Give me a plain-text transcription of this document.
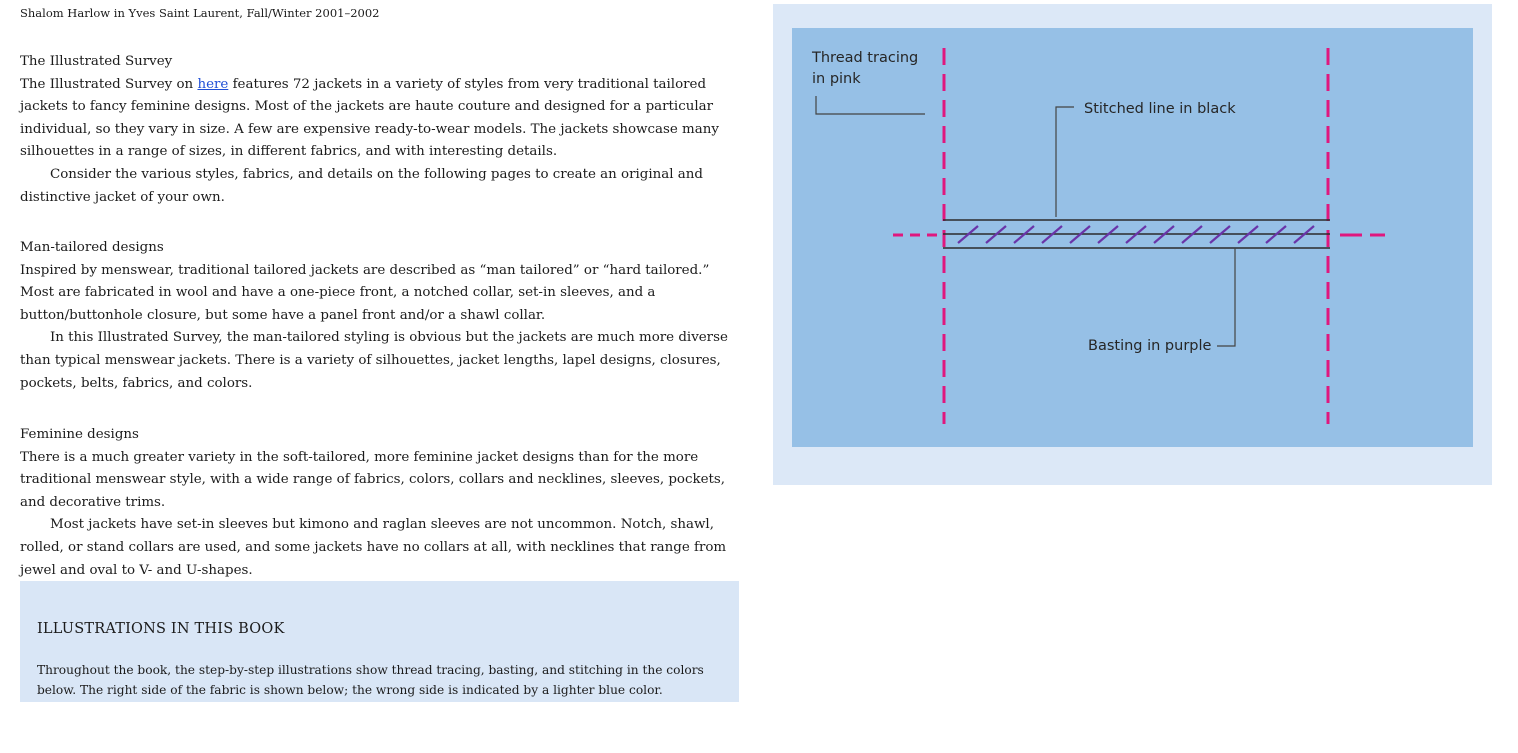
Shalom Harlow in Yves Saint Laurent, Fall/Winter 2001–2002
The Illustrated Survey

The Illustrated Survey on here features 72 jackets in a variety of styles from very traditional tailored jackets to fancy feminine designs. Most of the jackets are haute couture and designed for a particular individual, so they vary in size. A few are expensive ready-to-wear models. The jackets showcase many silhouettes in a range of sizes, in different fabrics, and with interesting details.

Consider the various styles, fabrics, and details on the following pages to create an original and distinctive jacket of your own.

Man-tailored designs

Inspired by menswear, traditional tailored jackets are described as “man tailored” or “hard tailored.” Most are fabricated in wool and have a one-piece front, a notched collar, set-in sleeves, and a button/buttonhole closure, but some have a panel front and/or a shawl collar.

In this Illustrated Survey, the man-tailored styling is obvious but the jackets are much more diverse than typical menswear jackets. There is a variety of silhouettes, jacket lengths, lapel designs, closures, pockets, belts, fabrics, and colors.

Feminine designs

There is a much greater variety in the soft-tailored, more feminine jacket designs than for the more traditional menswear style, with a wide range of fabrics, colors, collars and necklines, sleeves, pockets, and decorative trims.

Most jackets have set-in sleeves but kimono and raglan sleeves are not uncommon. Notch, shawl, rolled, or stand collars are used, and some jackets have no collars at all, with necklines that range from jewel and oval to V- and U-shapes.

ILLUSTRATIONS IN THIS BOOK

Throughout the book, the step-by-step illustrations show thread tracing, basting, and stitching in the colors below. The right side of the fabric is shown below; the wrong side is indicated by a lighter blue color.

Thread tracing
in pink
Stitched line in black
Basting in purple
